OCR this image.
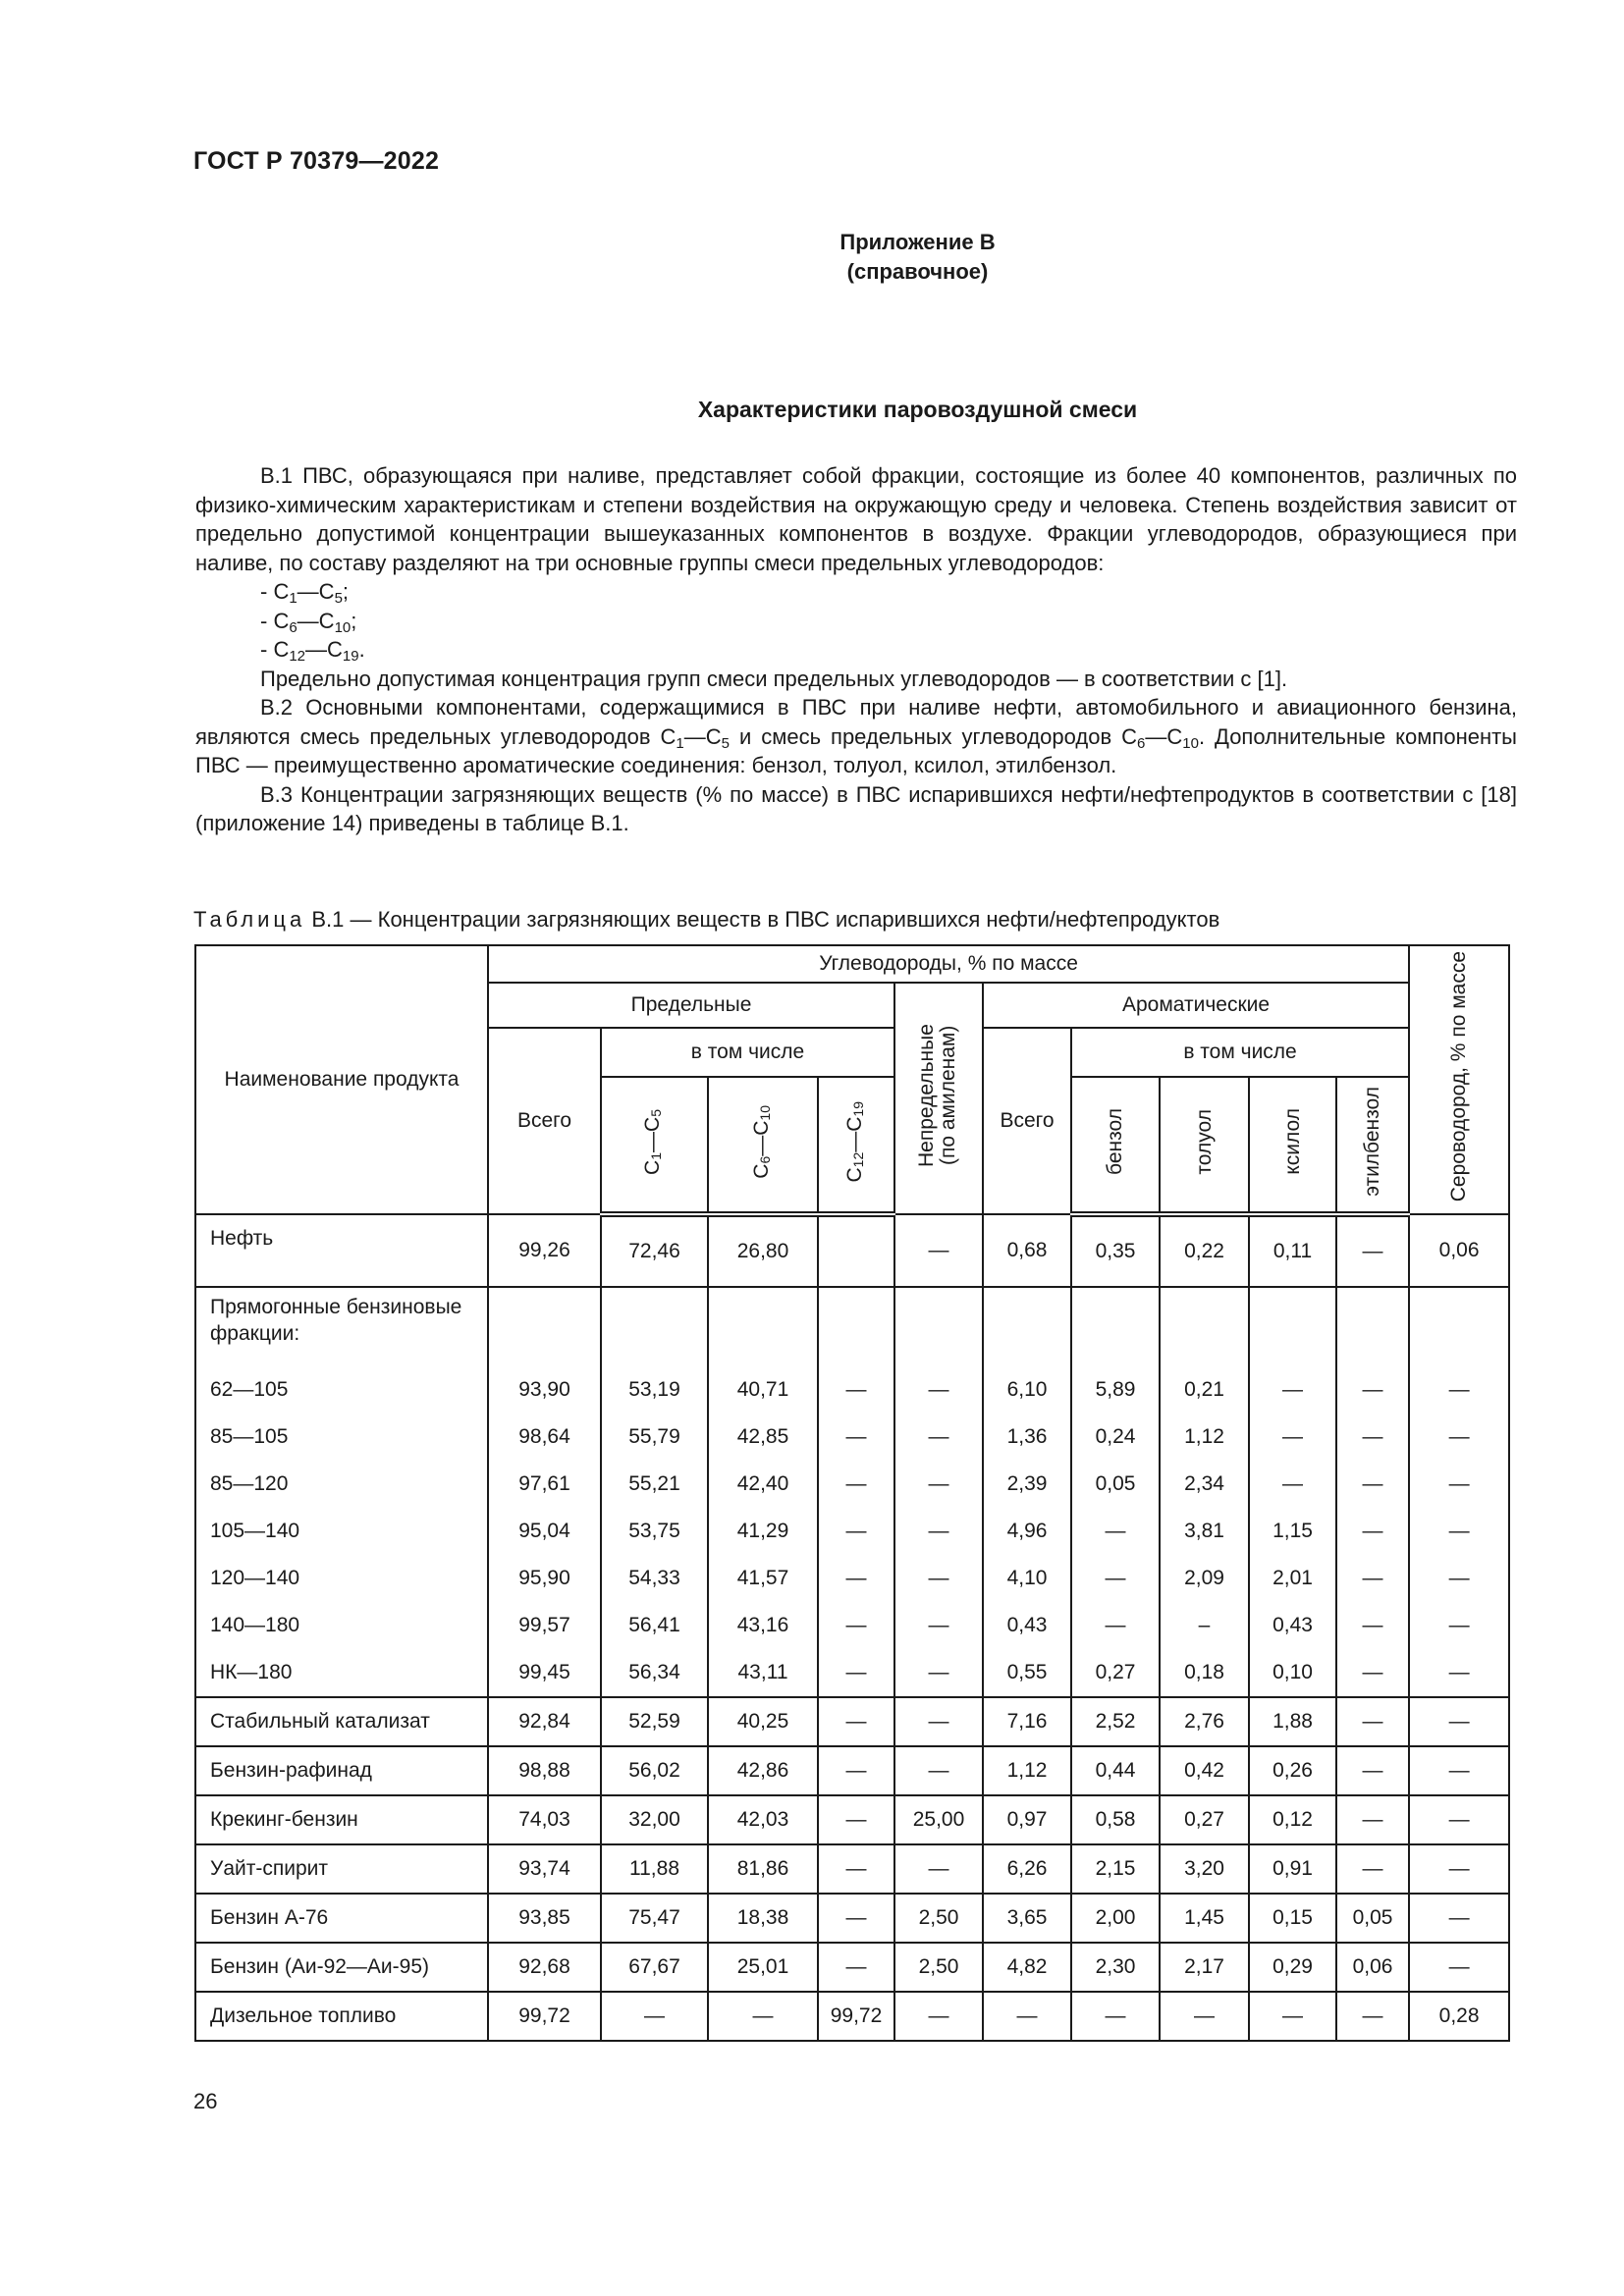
ГОСТ Р 70379—2022
Приложение В
(справочное)
Характеристики паровоздушной смеси

В.1 ПВС, образующаяся при наливе, представляет собой фракции, состоящие из более 40 компонентов, различных по физико-химическим характеристикам и степени воздействия на окружающую среду и человека. Степень воздействия зависит от предельно допустимой концентрации вышеуказанных компонентов в воздухе. Фракции углеводородов, образующиеся при наливе, по составу разделяют на три основные группы смеси предельных углеводородов:

- $C_1—C_5$;

- $C_6—C_{10}$;

- $C_{12}—C_{19}$.

Предельно допустимая концентрация групп смеси предельных углеводородов — в соответствии с [1].

В.2 Основными компонентами, содержащимися в ПВС при наливе нефти, автомобильного и авиационного бензина, являются смесь предельных углеводородов $C_1—C_5$ и смесь предельных углеводородов $C_6—C_{10}$. Дополнительные компоненты ПВС — преимущественно ароматические соединения: бензол, толуол, ксилол, этилбензол.

В.3 Концентрации загрязняющих веществ (% по массе) в ПВС испарившихся нефти/нефтепродуктов в соответствии с [18] (приложение 14) приведены в таблице В.1.

Таблица В.1 — Концентрации загрязняющих веществ в ПВС испарившихся нефти/нефтепродуктов
Наименование продукта	Углеводороды, % по массе										Сероводород, % по массе
	Предельные				Непредельные (по амиленам)	Ароматические					
	Всего	в том числе				Всего	в том числе				
		$C_1—C_5$	$C_6—C_{10}$	$C_{12}—C_{19}$			бензол	толуол	ксилол	этилбензол	
Нефть	99,26	72,46	26,80		—	0,68	0,35	0,22	0,11	—	0,06
Прямогонные бензиновые фракции:											
62—105	93,90	53,19	40,71	—	—	6,10	5,89	0,21	—	—	—
85—105	98,64	55,79	42,85	—	—	1,36	0,24	1,12	—	—	—
85—120	97,61	55,21	42,40	—	—	2,39	0,05	2,34	—	—	—
105—140	95,04	53,75	41,29	—	—	4,96	—	3,81	1,15	—	—
120—140	95,90	54,33	41,57	—	—	4,10	—	2,09	2,01	—	—
140—180	99,57	56,41	43,16	—	—	0,43	—	–	0,43	—	—
НК—180	99,45	56,34	43,11	—	—	0,55	0,27	0,18	0,10	—	—
Стабильный катализат	92,84	52,59	40,25	—	—	7,16	2,52	2,76	1,88	—	—
Бензин-рафинад	98,88	56,02	42,86	—	—	1,12	0,44	0,42	0,26	—	—
Крекинг-бензин	74,03	32,00	42,03	—	25,00	0,97	0,58	0,27	0,12	—	—
Уайт-спирит	93,74	11,88	81,86	—	—	6,26	2,15	3,20	0,91	—	—
Бензин А-76	93,85	75,47	18,38	—	2,50	3,65	2,00	1,45	0,15	0,05	—
Бензин (Аи-92—Аи-95)	92,68	67,67	25,01	—	2,50	4,82	2,30	2,17	0,29	0,06	—
Дизельное топливо	99,72	—	—	99,72	—	—	—	—	—	—	0,28
26
